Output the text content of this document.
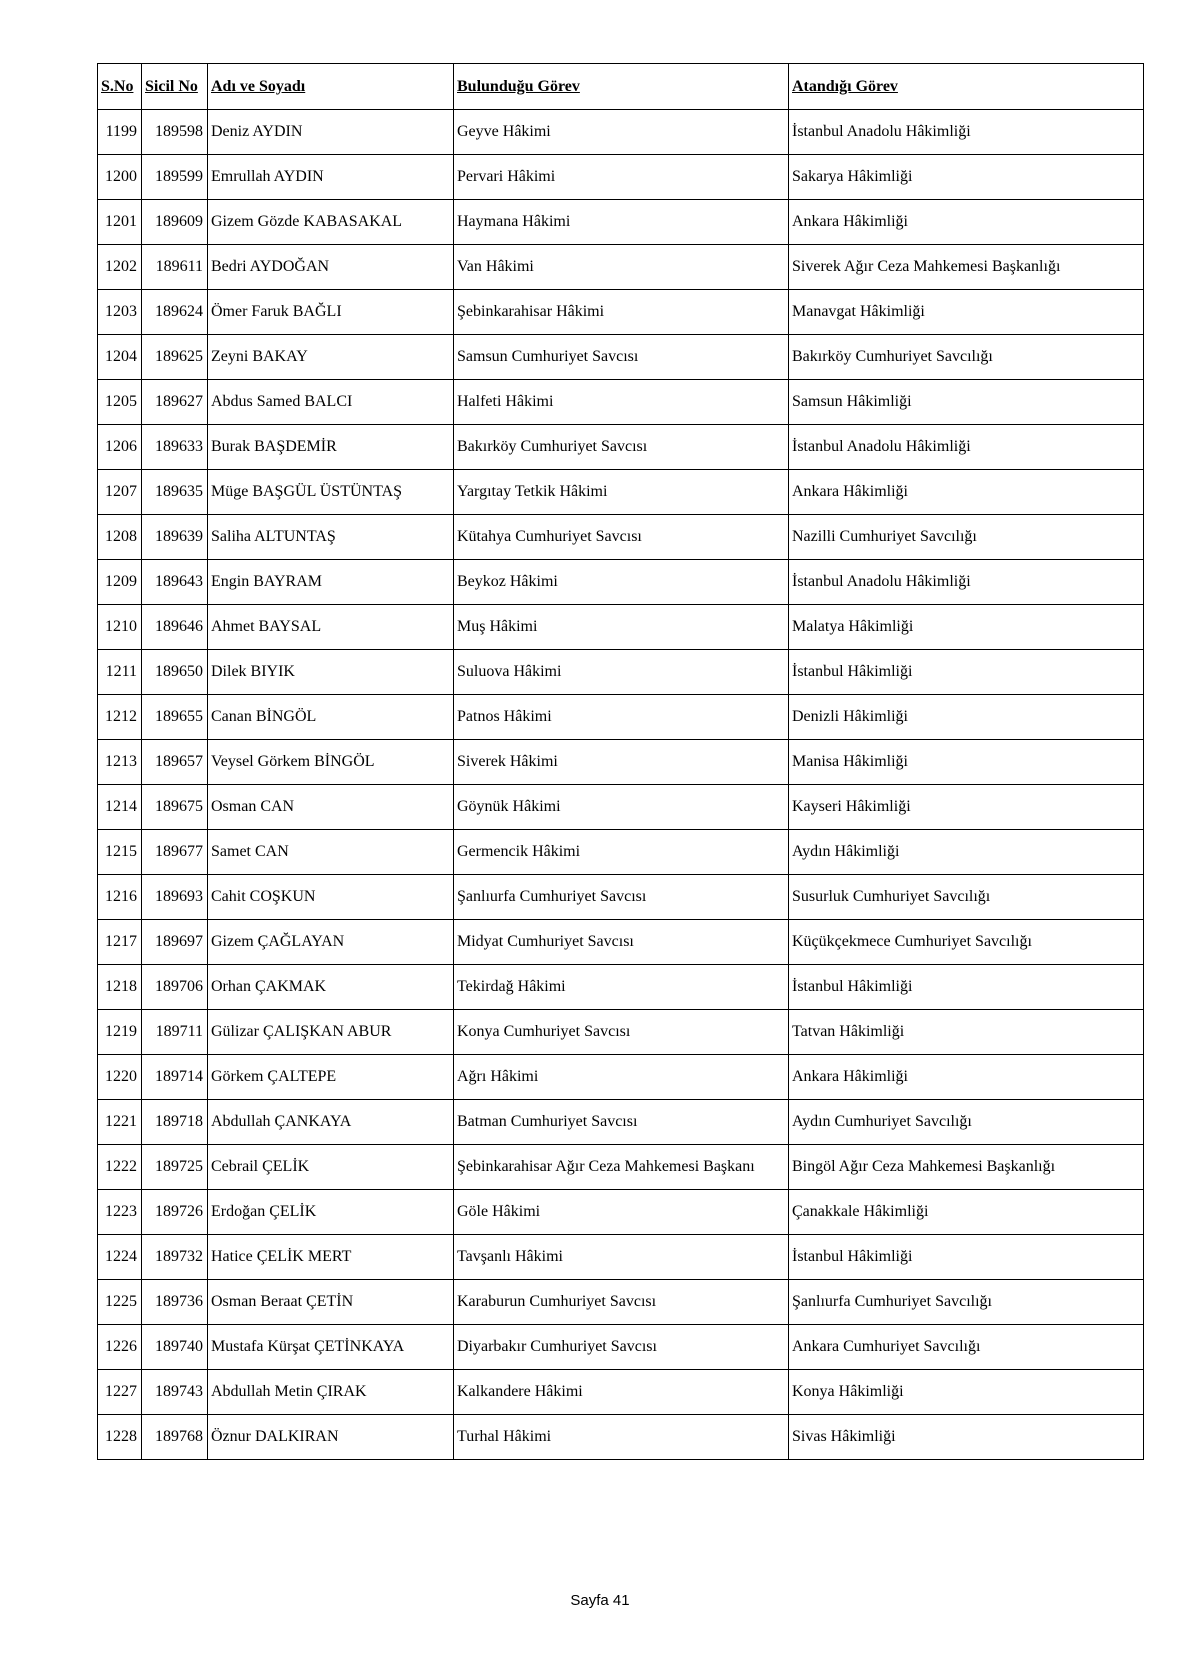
S.No	Sicil No	Adı ve Soyadı	Bulunduğu Görev	Atandığı Görev
1199	189598	Deniz AYDIN	Geyve Hâkimi	İstanbul Anadolu Hâkimliği
1200	189599	Emrullah AYDIN	Pervari Hâkimi	Sakarya Hâkimliği
1201	189609	Gizem Gözde KABASAKAL	Haymana Hâkimi	Ankara Hâkimliği
1202	189611	Bedri AYDOĞAN	Van Hâkimi	Siverek Ağır Ceza Mahkemesi Başkanlığı
1203	189624	Ömer Faruk BAĞLI	Şebinkarahisar Hâkimi	Manavgat Hâkimliği
1204	189625	Zeyni BAKAY	Samsun Cumhuriyet Savcısı	Bakırköy Cumhuriyet Savcılığı
1205	189627	Abdus Samed BALCI	Halfeti Hâkimi	Samsun Hâkimliği
1206	189633	Burak BAŞDEMİR	Bakırköy Cumhuriyet Savcısı	İstanbul Anadolu Hâkimliği
1207	189635	Müge BAŞGÜL ÜSTÜNTAŞ	Yargıtay Tetkik Hâkimi	Ankara Hâkimliği
1208	189639	Saliha ALTUNTAŞ	Kütahya Cumhuriyet Savcısı	Nazilli Cumhuriyet Savcılığı
1209	189643	Engin BAYRAM	Beykoz Hâkimi	İstanbul Anadolu Hâkimliği
1210	189646	Ahmet BAYSAL	Muş Hâkimi	Malatya Hâkimliği
1211	189650	Dilek BIYIK	Suluova Hâkimi	İstanbul Hâkimliği
1212	189655	Canan BİNGÖL	Patnos Hâkimi	Denizli Hâkimliği
1213	189657	Veysel Görkem BİNGÖL	Siverek Hâkimi	Manisa Hâkimliği
1214	189675	Osman CAN	Göynük Hâkimi	Kayseri Hâkimliği
1215	189677	Samet CAN	Germencik Hâkimi	Aydın Hâkimliği
1216	189693	Cahit COŞKUN	Şanlıurfa Cumhuriyet Savcısı	Susurluk Cumhuriyet Savcılığı
1217	189697	Gizem ÇAĞLAYAN	Midyat Cumhuriyet Savcısı	Küçükçekmece Cumhuriyet Savcılığı
1218	189706	Orhan ÇAKMAK	Tekirdağ Hâkimi	İstanbul Hâkimliği
1219	189711	Gülizar ÇALIŞKAN ABUR	Konya Cumhuriyet Savcısı	Tatvan Hâkimliği
1220	189714	Görkem ÇALTEPE	Ağrı Hâkimi	Ankara Hâkimliği
1221	189718	Abdullah ÇANKAYA	Batman Cumhuriyet Savcısı	Aydın Cumhuriyet Savcılığı
1222	189725	Cebrail ÇELİK	Şebinkarahisar Ağır Ceza Mahkemesi Başkanı	Bingöl Ağır Ceza Mahkemesi Başkanlığı
1223	189726	Erdoğan ÇELİK	Göle Hâkimi	Çanakkale Hâkimliği
1224	189732	Hatice ÇELİK MERT	Tavşanlı Hâkimi	İstanbul Hâkimliği
1225	189736	Osman Beraat ÇETİN	Karaburun Cumhuriyet Savcısı	Şanlıurfa Cumhuriyet Savcılığı
1226	189740	Mustafa Kürşat ÇETİNKAYA	Diyarbakır Cumhuriyet Savcısı	Ankara Cumhuriyet Savcılığı
1227	189743	Abdullah Metin ÇIRAK	Kalkandere Hâkimi	Konya Hâkimliği
1228	189768	Öznur DALKIRAN	Turhal Hâkimi	Sivas Hâkimliği
Sayfa 41
